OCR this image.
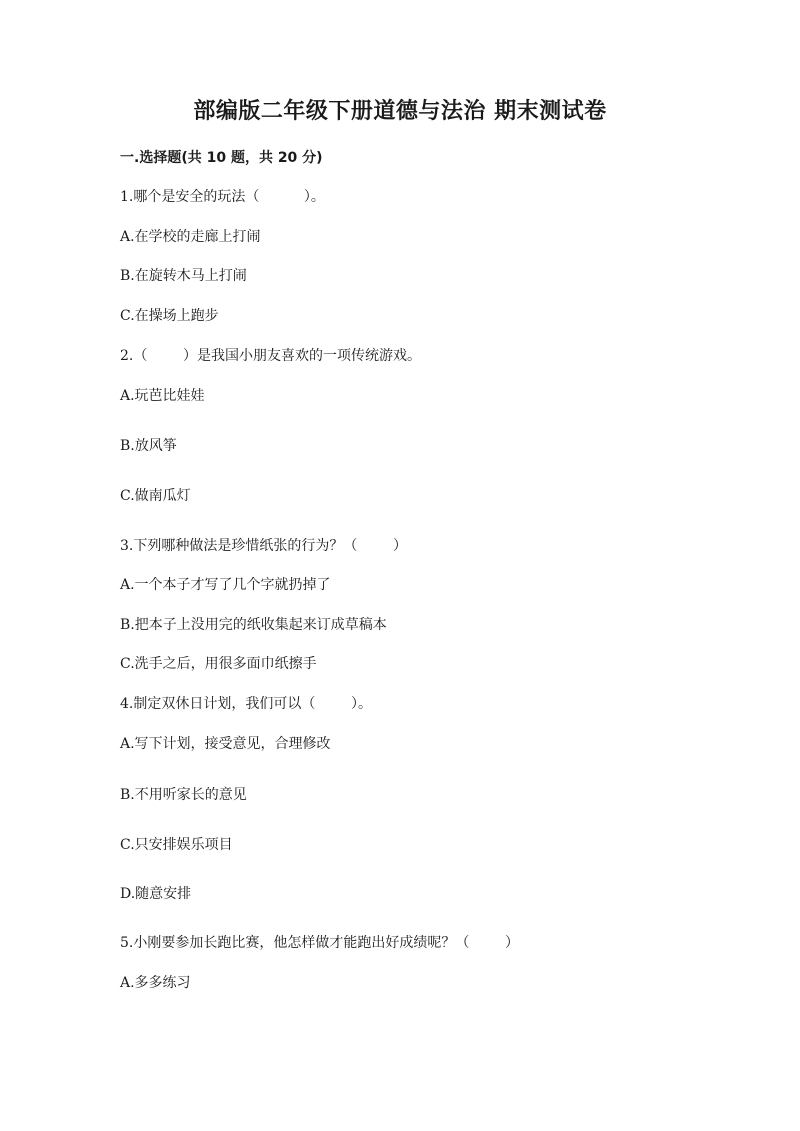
部编版二年级下册道德与法治 期末测试卷
一.选择题(共 10 题，共 20 分)
1.哪个是安全的玩法（          ）。
A.在学校的走廊上打闹
B.在旋转木马上打闹
C.在操场上跑步
2.（        ）是我国小朋友喜欢的一项传统游戏。
A.玩芭比娃娃
B.放风筝
C.做南瓜灯
3.下列哪种做法是珍惜纸张的行为？（        ）
A.一个本子才写了几个字就扔掉了
B.把本子上没用完的纸收集起来订成草稿本
C.洗手之后，用很多面巾纸擦手
4.制定双休日计划，我们可以（        ）。
A.写下计划，接受意见，合理修改
B.不用听家长的意见
C.只安排娱乐项目
D.随意安排
5.小刚要参加长跑比赛，他怎样做才能跑出好成绩呢？（        ）
A.多多练习
